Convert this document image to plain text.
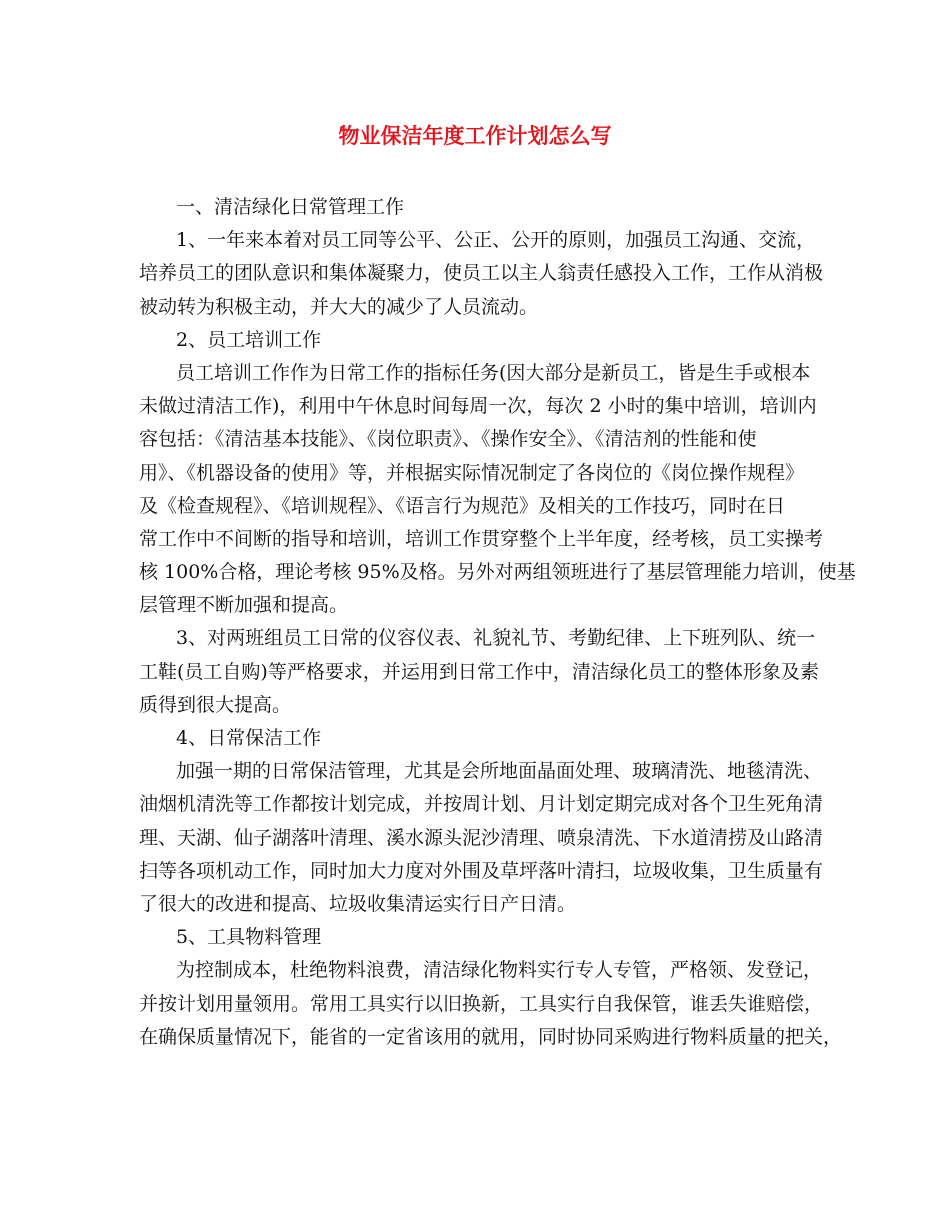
物业保洁年度工作计划怎么写

一、清洁绿化日常管理工作

1、一年来本着对员工同等公平、公正、公开的原则，加强员工沟通、交流，

培养员工的团队意识和集体凝聚力，使员工以主人翁责任感投入工作，工作从消极

被动转为积极主动，并大大的减少了人员流动。

2、员工培训工作

员工培训工作作为日常工作的指标任务(因大部分是新员工，皆是生手或根本

未做过清洁工作)，利用中午休息时间每周一次，每次 2 小时的集中培训，培训内

容包括：《清洁基本技能》、《岗位职责》、《操作安全》、《清洁剂的性能和使

用》、《机器设备的使用》等，并根据实际情况制定了各岗位的《岗位操作规程》

及《检查规程》、《培训规程》、《语言行为规范》及相关的工作技巧，同时在日

常工作中不间断的指导和培训，培训工作贯穿整个上半年度，经考核，员工实操考

核 100%合格，理论考核 95%及格。另外对两组领班进行了基层管理能力培训，使基

层管理不断加强和提高。

3、对两班组员工日常的仪容仪表、礼貌礼节、考勤纪律、上下班列队、统一

工鞋(员工自购)等严格要求，并运用到日常工作中，清洁绿化员工的整体形象及素

质得到很大提高。

4、日常保洁工作

加强一期的日常保洁管理，尤其是会所地面晶面处理、玻璃清洗、地毯清洗、

油烟机清洗等工作都按计划完成，并按周计划、月计划定期完成对各个卫生死角清

理、天湖、仙子湖落叶清理、溪水源头泥沙清理、喷泉清洗、下水道清捞及山路清

扫等各项机动工作，同时加大力度对外围及草坪落叶清扫，垃圾收集，卫生质量有

了很大的改进和提高、垃圾收集清运实行日产日清。

5、工具物料管理

为控制成本，杜绝物料浪费，清洁绿化物料实行专人专管，严格领、发登记，

并按计划用量领用。常用工具实行以旧换新，工具实行自我保管，谁丢失谁赔偿，

在确保质量情况下，能省的一定省该用的就用，同时协同采购进行物料质量的把关，
